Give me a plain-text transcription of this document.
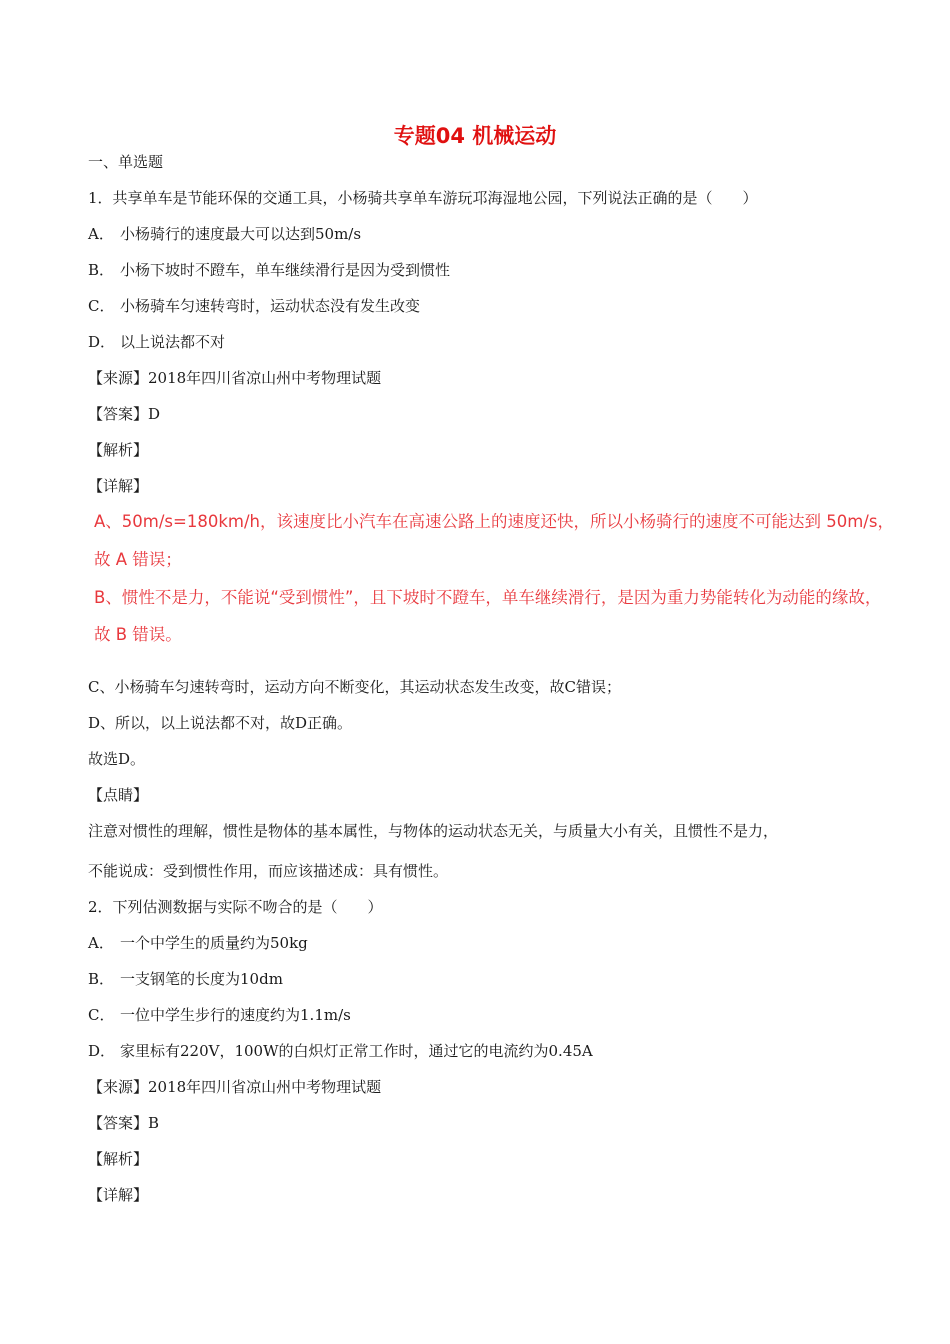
专题04 机械运动
一、单选题
1．共享单车是节能环保的交通工具，小杨骑共享单车游玩邛海湿地公园，下列说法正确的是（　　）
A． 小杨骑行的速度最大可以达到50m/s
B． 小杨下坡时不蹬车，单车继续滑行是因为受到惯性
C． 小杨骑车匀速转弯时，运动状态没有发生改变
D． 以上说法都不对
【来源】2018年四川省凉山州中考物理试题
【答案】D
【解析】
【详解】
A、50m/s=180km/h，该速度比小汽车在高速公路上的速度还快，所以小杨骑行的速度不可能达到 50m/s，
故 A 错误；
B、惯性不是力，不能说“受到惯性”，且下坡时不蹬车，单车继续滑行，是因为重力势能转化为动能的缘故，
故 B 错误。
C、小杨骑车匀速转弯时，运动方向不断变化，其运动状态发生改变，故C错误；
D、所以，以上说法都不对，故D正确。
故选D。
【点睛】
注意对惯性的理解，惯性是物体的基本属性，与物体的运动状态无关，与质量大小有关，且惯性不是力，
不能说成：受到惯性作用，而应该描述成：具有惯性。
2．下列估测数据与实际不吻合的是（　　）
A． 一个中学生的质量约为50kg
B． 一支钢笔的长度为10dm
C． 一位中学生步行的速度约为1.1m/s
D． 家里标有220V，100W的白炽灯正常工作时，通过它的电流约为0.45A
【来源】2018年四川省凉山州中考物理试题
【答案】B
【解析】
【详解】
